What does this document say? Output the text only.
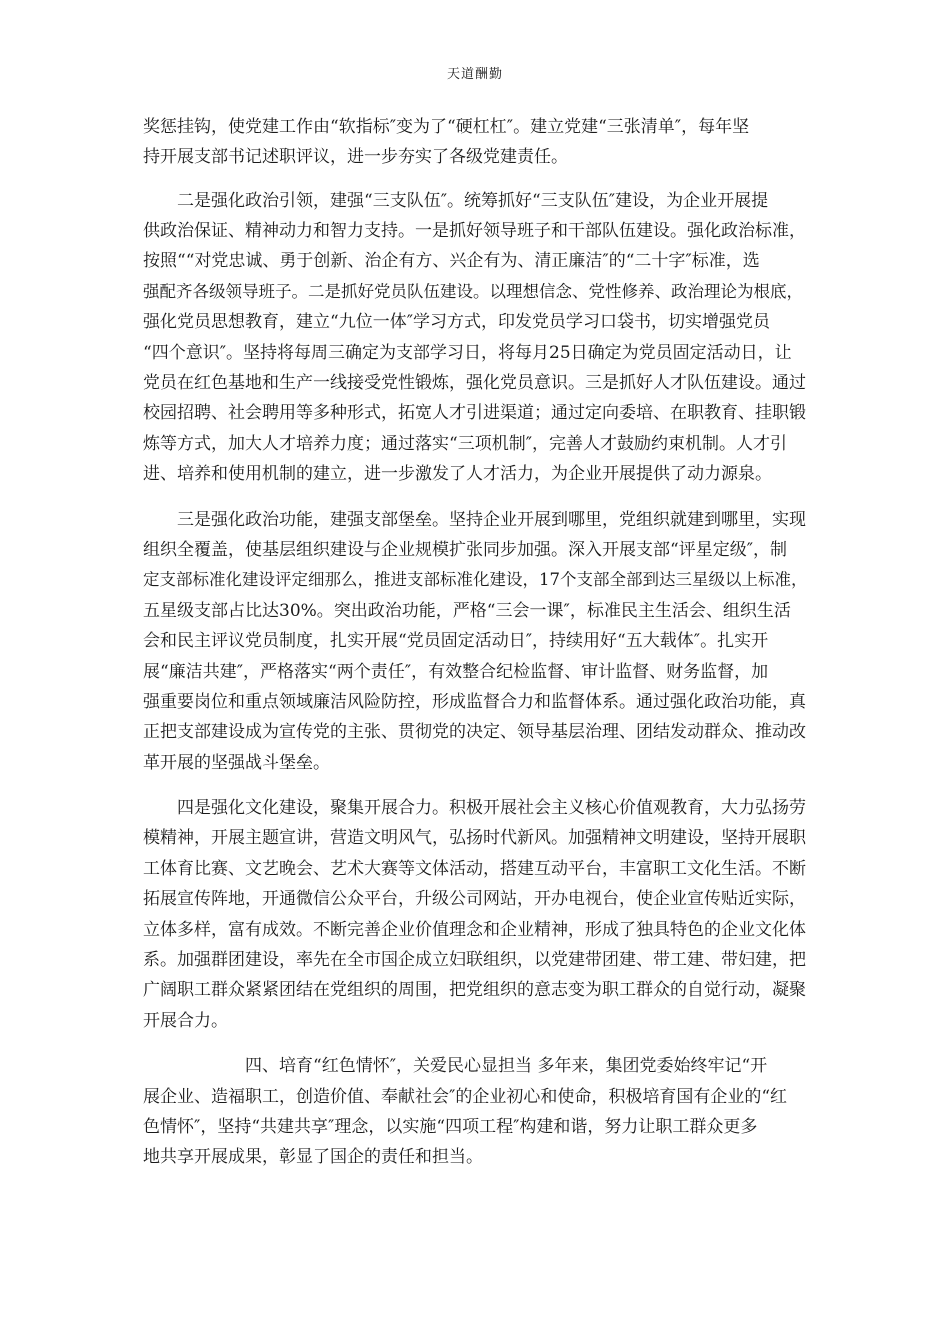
天道酬勤
奖惩挂钩，使党建工作由“软指标″变为了“硬杠杠″。建立党建“三张清单″，每年坚
持开展支部书记述职评议，进一步夯实了各级党建责任。
二是强化政治引领，建强“三支队伍″。统筹抓好“三支队伍″建设，为企业开展提
供政治保证、精神动力和智力支持。一是抓好领导班子和干部队伍建设。强化政治标准，
按照““对党忠诚、勇于创新、治企有方、兴企有为、清正廉洁″的“二十字″标准，选
强配齐各级领导班子。二是抓好党员队伍建设。以理想信念、党性修养、政治理论为根底，
强化党员思想教育，建立“九位一体″学习方式，印发党员学习口袋书，切实增强党员
“四个意识″。坚持将每周三确定为支部学习日，将每月25日确定为党员固定活动日，让
党员在红色基地和生产一线接受党性锻炼，强化党员意识。三是抓好人才队伍建设。通过
校园招聘、社会聘用等多种形式，拓宽人才引进渠道；通过定向委培、在职教育、挂职锻
炼等方式，加大人才培养力度；通过落实“三项机制″，完善人才鼓励约束机制。人才引
进、培养和使用机制的建立，进一步激发了人才活力，为企业开展提供了动力源泉。
三是强化政治功能，建强支部堡垒。坚持企业开展到哪里，党组织就建到哪里，实现
组织全覆盖，使基层组织建设与企业规模扩张同步加强。深入开展支部“评星定级″，制
定支部标准化建设评定细那么，推进支部标准化建设，17个支部全部到达三星级以上标准，
五星级支部占比达30%。突出政治功能，严格“三会一课″，标准民主生活会、组织生活
会和民主评议党员制度，扎实开展“党员固定活动日″，持续用好“五大载体″。扎实开
展“廉洁共建″，严格落实“两个责任″，有效整合纪检监督、审计监督、财务监督，加
强重要岗位和重点领域廉洁风险防控，形成监督合力和监督体系。通过强化政治功能，真
正把支部建设成为宣传党的主张、贯彻党的决定、领导基层治理、团结发动群众、推动改
革开展的坚强战斗堡垒。
四是强化文化建设，聚集开展合力。积极开展社会主义核心价值观教育，大力弘扬劳
模精神，开展主题宣讲，营造文明风气，弘扬时代新风。加强精神文明建设，坚持开展职
工体育比赛、文艺晚会、艺术大赛等文体活动，搭建互动平台，丰富职工文化生活。不断
拓展宣传阵地，开通微信公众平台，升级公司网站，开办电视台，使企业宣传贴近实际，
立体多样，富有成效。不断完善企业价值理念和企业精神，形成了独具特色的企业文化体
系。加强群团建设，率先在全市国企成立妇联组织，以党建带团建、带工建、带妇建，把
广阔职工群众紧紧团结在党组织的周围，把党组织的意志变为职工群众的自觉行动，凝聚
开展合力。
四、培育“红色情怀″，关爱民心显担当 多年来，集团党委始终牢记“开
展企业、造福职工，创造价值、奉献社会″的企业初心和使命，积极培育国有企业的“红
色情怀″，坚持“共建共享″理念，以实施“四项工程″构建和谐，努力让职工群众更多
地共享开展成果，彰显了国企的责任和担当。
